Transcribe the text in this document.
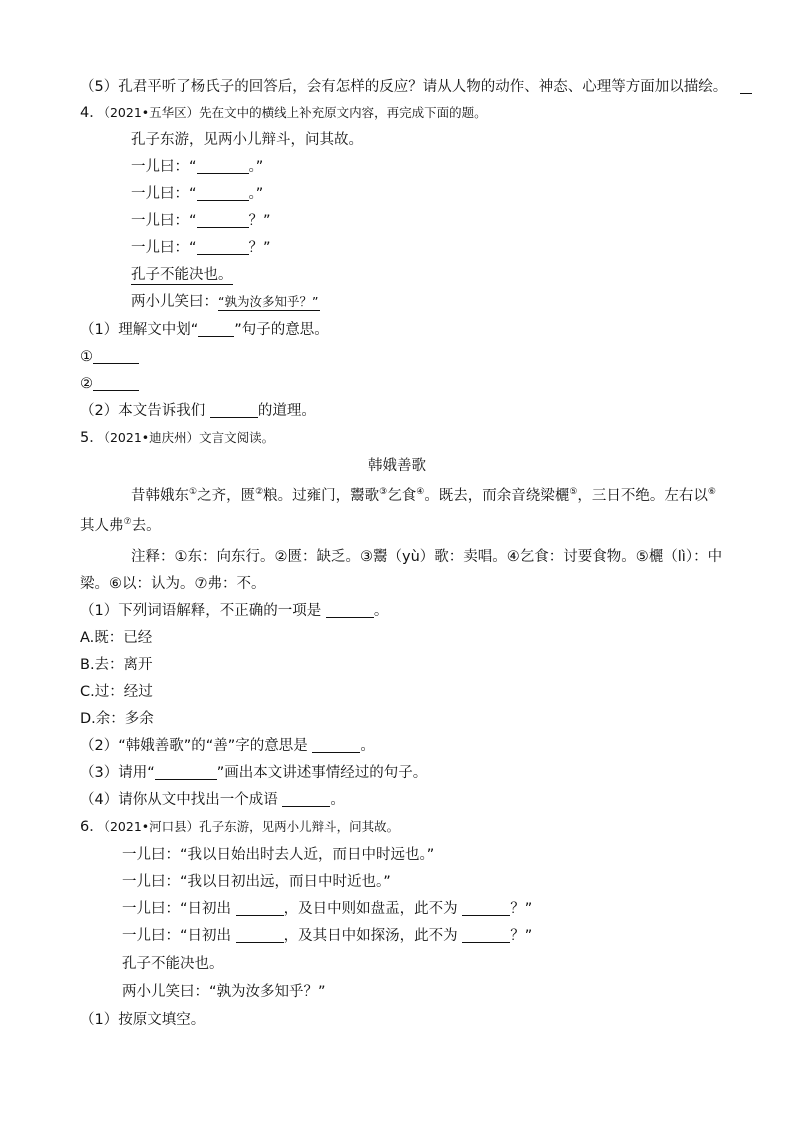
（5）孔君平听了杨氏子的回答后，会有怎样的反应？请从人物的动作、神态、心理等方面加以描绘。
4．（2021•五华区）先在文中的横线上补充原文内容，再完成下面的题。
孔子东游，见两小儿辩斗，问其故。
一儿曰：“	。”
一儿曰：“	。”
一儿曰：“	？”
一儿曰：“	？”
孔子不能决也。
两小儿笑曰：“孰为汝多知乎？”
（1）理解文中划“ ”句子的意思。
①
②
（2）本文告诉我们	的道理。
5．（2021•迪庆州）文言文阅读。
韩娥善歌
昔韩娥东①之齐，匮②粮。过雍门，鬻歌③乞食④。既去，而余音绕梁欐⑤，三日不绝。左右以⑥
其人弗⑦去。
注释：①东：向东行。②匮：缺乏。③鬻（yù）歌：卖唱。④乞食：讨要食物。⑤欐（lì）：中
梁。⑥以：认为。⑦弗：不。
（1）下列词语解释，不正确的一项是	。
A.既：已经
B.去：离开
C.过：经过
D.余：多余
（2）“韩娥善歌”的“善”字的意思是	。
（3）请用“	”画出本文讲述事情经过的句子。
（4）请你从文中找出一个成语	。
6．（2021•河口县）孔子东游，见两小儿辩斗，问其故。
一儿曰：“我以日始出时去人近，而日中时远也。”
一儿曰：“我以日初出远，而日中时近也。”
一儿曰：“日初出	，及日中则如盘盂，此不为	？”
一儿曰：“日初出	，及其日中如探汤，此不为	？”
孔子不能决也。
两小儿笑曰：“孰为汝多知乎？”
（1）按原文填空。
